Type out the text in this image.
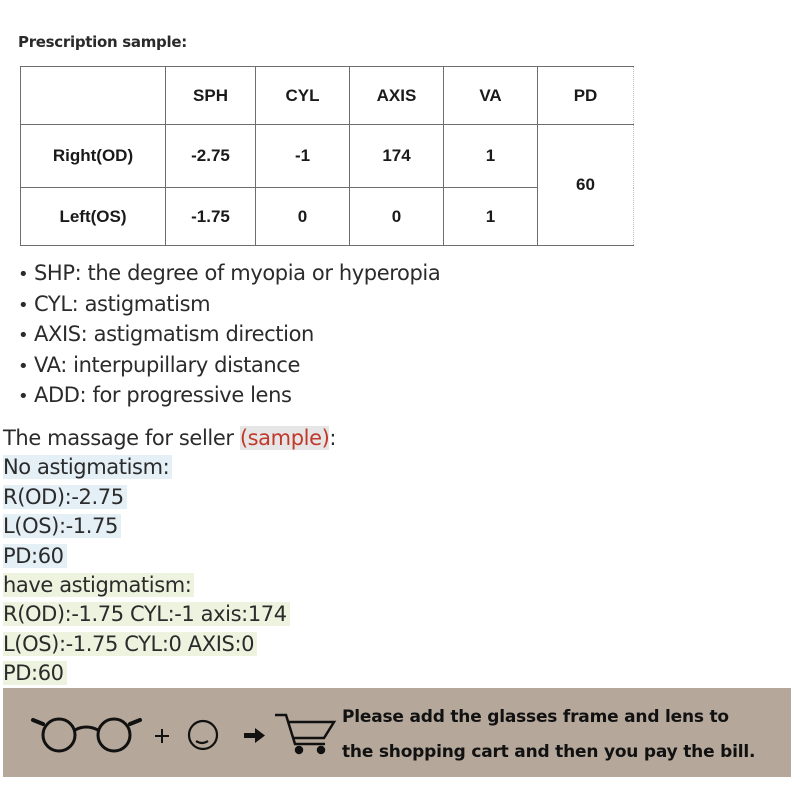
Prescription sample:
	SPH	CYL	AXIS	VA	PD
Right(OD)	-2.75	-1	174	1	60
Left(OS)	-1.75	0	0	1	
• SHP: the degree of myopia or hyperopia
• CYL: astigmatism
• AXIS: astigmatism direction
• VA: interpupillary distance
• ADD: for progressive lens
The massage for seller (sample):
No astigmatism:
R(OD):-2.75
L(OS):-1.75
PD:60
have astigmatism:
R(OD):-1.75 CYL:-1 axis:174
L(OS):-1.75 CYL:0 AXIS:0
PD:60
Please add the glasses frame and lens to
the shopping cart and then you pay the bill.
